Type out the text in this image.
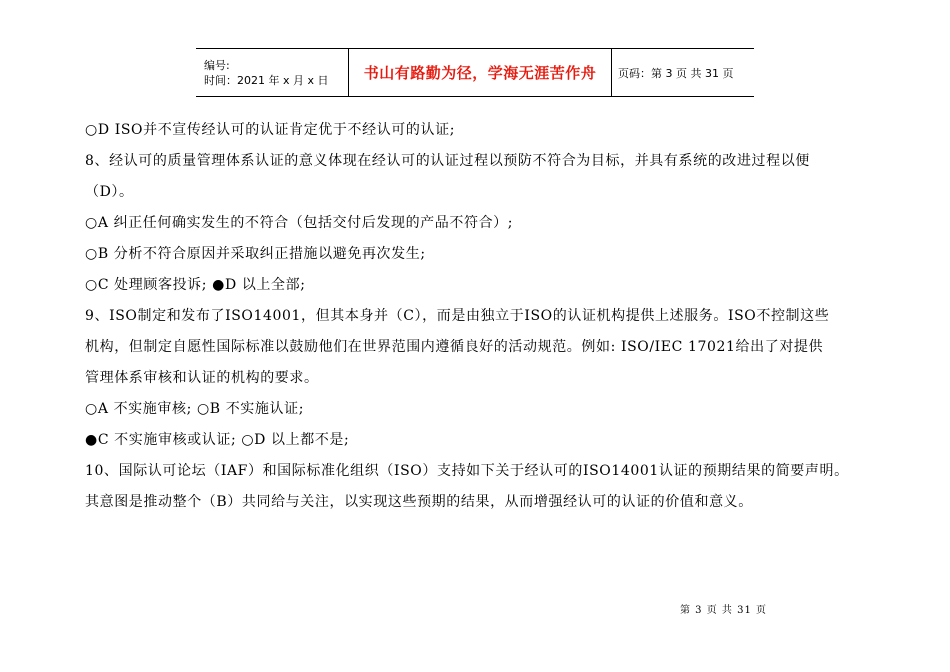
编号:
时间：2021 年 x 月 x 日	书山有路勤为径，学海无涯苦作舟	页码：第 3 页 共 31 页
○D ISO并不宣传经认可的认证肯定优于不经认可的认证;
8、经认可的质量管理体系认证的意义体现在经认可的认证过程以预防不符合为目标，并具有系统的改进过程以便
（D）。
○A 纠正任何确实发生的不符合（包括交付后发现的产品不符合）;
○B 分析不符合原因并采取纠正措施以避免再次发生;
○C 处理顾客投诉; ●D 以上全部;
9、ISO制定和发布了ISO14001，但其本身并（C），而是由独立于ISO的认证机构提供上述服务。ISO不控制这些
机构，但制定自愿性国际标准以鼓励他们在世界范围内遵循良好的活动规范。例如: ISO/IEC 17021给出了对提供
管理体系审核和认证的机构的要求。
○A 不实施审核; ○B 不实施认证;
●C 不实施审核或认证; ○D 以上都不是;
10、国际认可论坛（IAF）和国际标准化组织（ISO）支持如下关于经认可的ISO14001认证的预期结果的简要声明。
其意图是推动整个（B）共同给与关注，以实现这些预期的结果，从而增强经认可的认证的价值和意义。
第 3 页 共 31 页
